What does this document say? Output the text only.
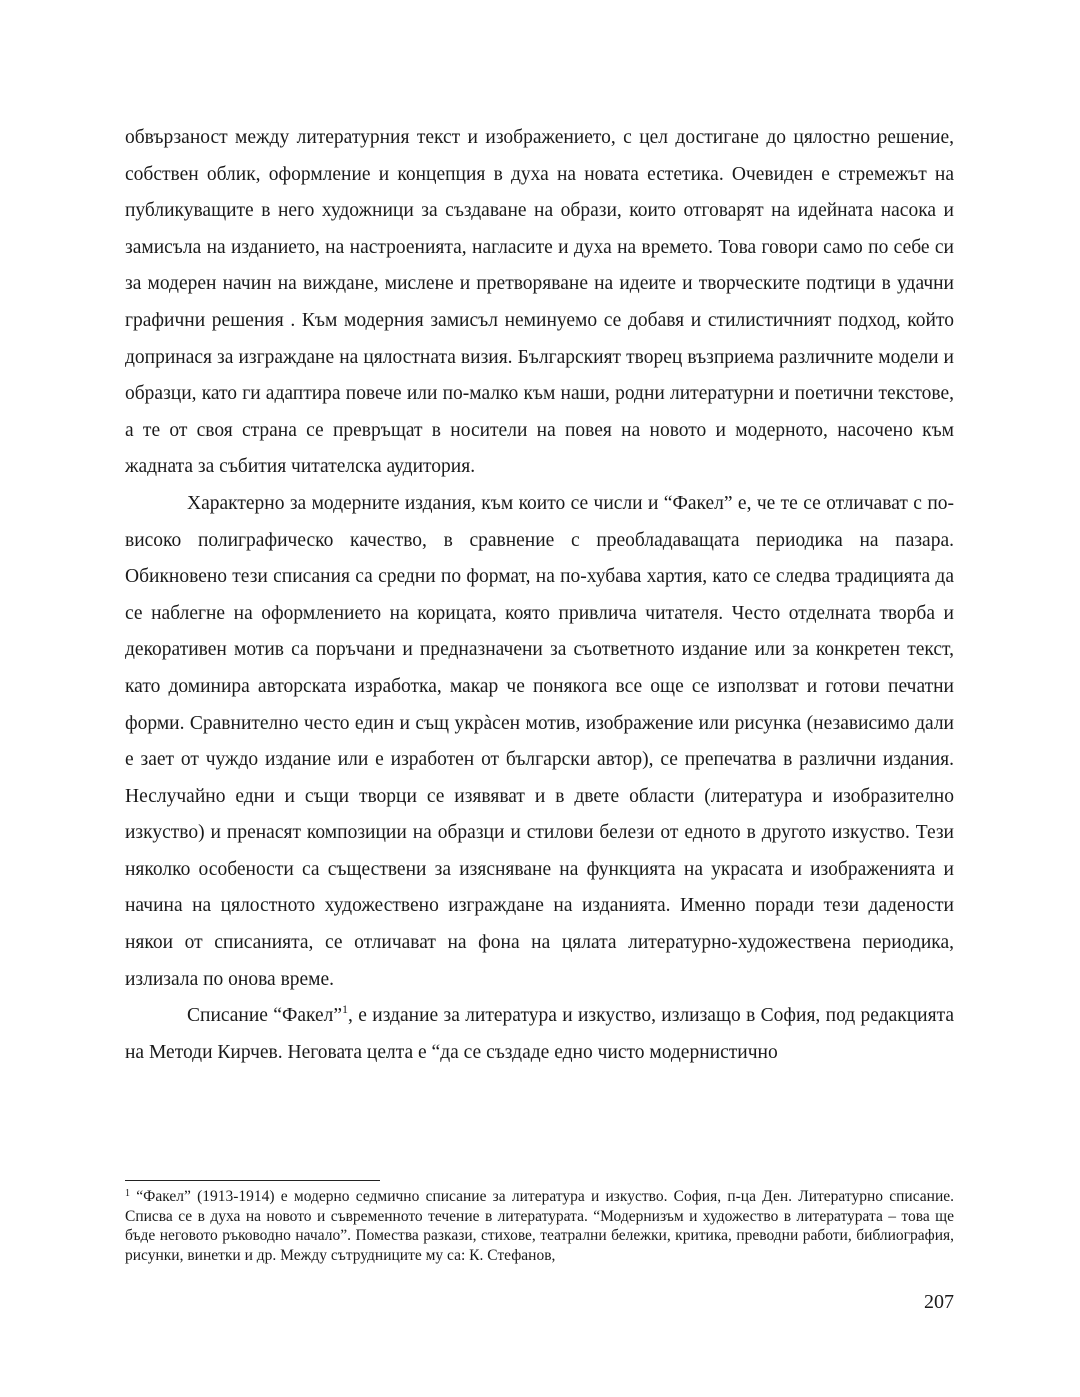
обвързаност между литературния текст и изображението, с цел достигане до цялостно решение, собствен облик, оформление и концепция в духа на новата естетика. Очевиден е стремежът на публикуващите в него художници за създаване на образи, които отговарят на идейната насока и замисъла на изданието, на настроенията, нагласите и духа на времето. Това говори само по себе си за модерен начин на виждане, мислене и претворяване на идеите и творческите подтици в удачни графични решения . Към модерния замисъл неминуемо се добавя и стилистичният подход, който допринася за изграждане на цялостната визия. Българският творец възприема различните модели и образци, като ги адаптира повече или по-малко към наши, родни литературни и поетични текстове, а те от своя страна се превръщат в носители на повея на новото и модерното, насочено към жадната за събития читателска аудитория.

Характерно за модерните издания, към които се числи и “Факел” е, че те се отличават с по-високо полиграфическо качество, в сравнение с преобладаващата периодика на пазара. Обикновено тези списания са средни по формат, на по-хубава хартия, като се следва традицията да се наблегне на оформлението на корицата, която привлича читателя. Често отделната творба и декоративен мотив са поръчани и предназначени за съответното издание или за конкретен текст, като доминира авторската изработка, макар че понякога все още се използват и готови печатни форми. Сравнително често един и същ укрàсен мотив, изображение или рисунка (независимо дали е зает от чуждо издание или е изработен от български автор), се препечатва в различни издания. Неслучайно едни и същи творци се изявяват и в двете области (литература и изобразително изкуство) и пренасят композиции на образци и стилови белези от едното в другото изкуство. Тези няколко особености са съществени за изясняване на функцията на украсата и изображенията и начина на цялостното художествено изграждане на изданията. Именно поради тези дадености някои от списанията, се отличават на фона на цялата литературно-художествена периодика, излизала по онова време.

Списание “Факел”$^1$, е издание за литература и изкуство, излизащо в София, под редакцията на Методи Кирчев. Неговата целта е “да се създаде едно чисто модернистично

$^1$ “Факел” (1913-1914) е модерно седмично списание за литература и изкуство. София, п-ца Ден. Литературно списание. Списва се в духа на новото и съвременното течение в литературата. “Модернизъм и художество в литературата – това ще бъде неговото ръководно начало”. Помества разкази, стихове, театрални бележки, критика, преводни работи, библиография, рисунки, винетки и др. Между сътрудниците му са: К. Стефанов,

207
